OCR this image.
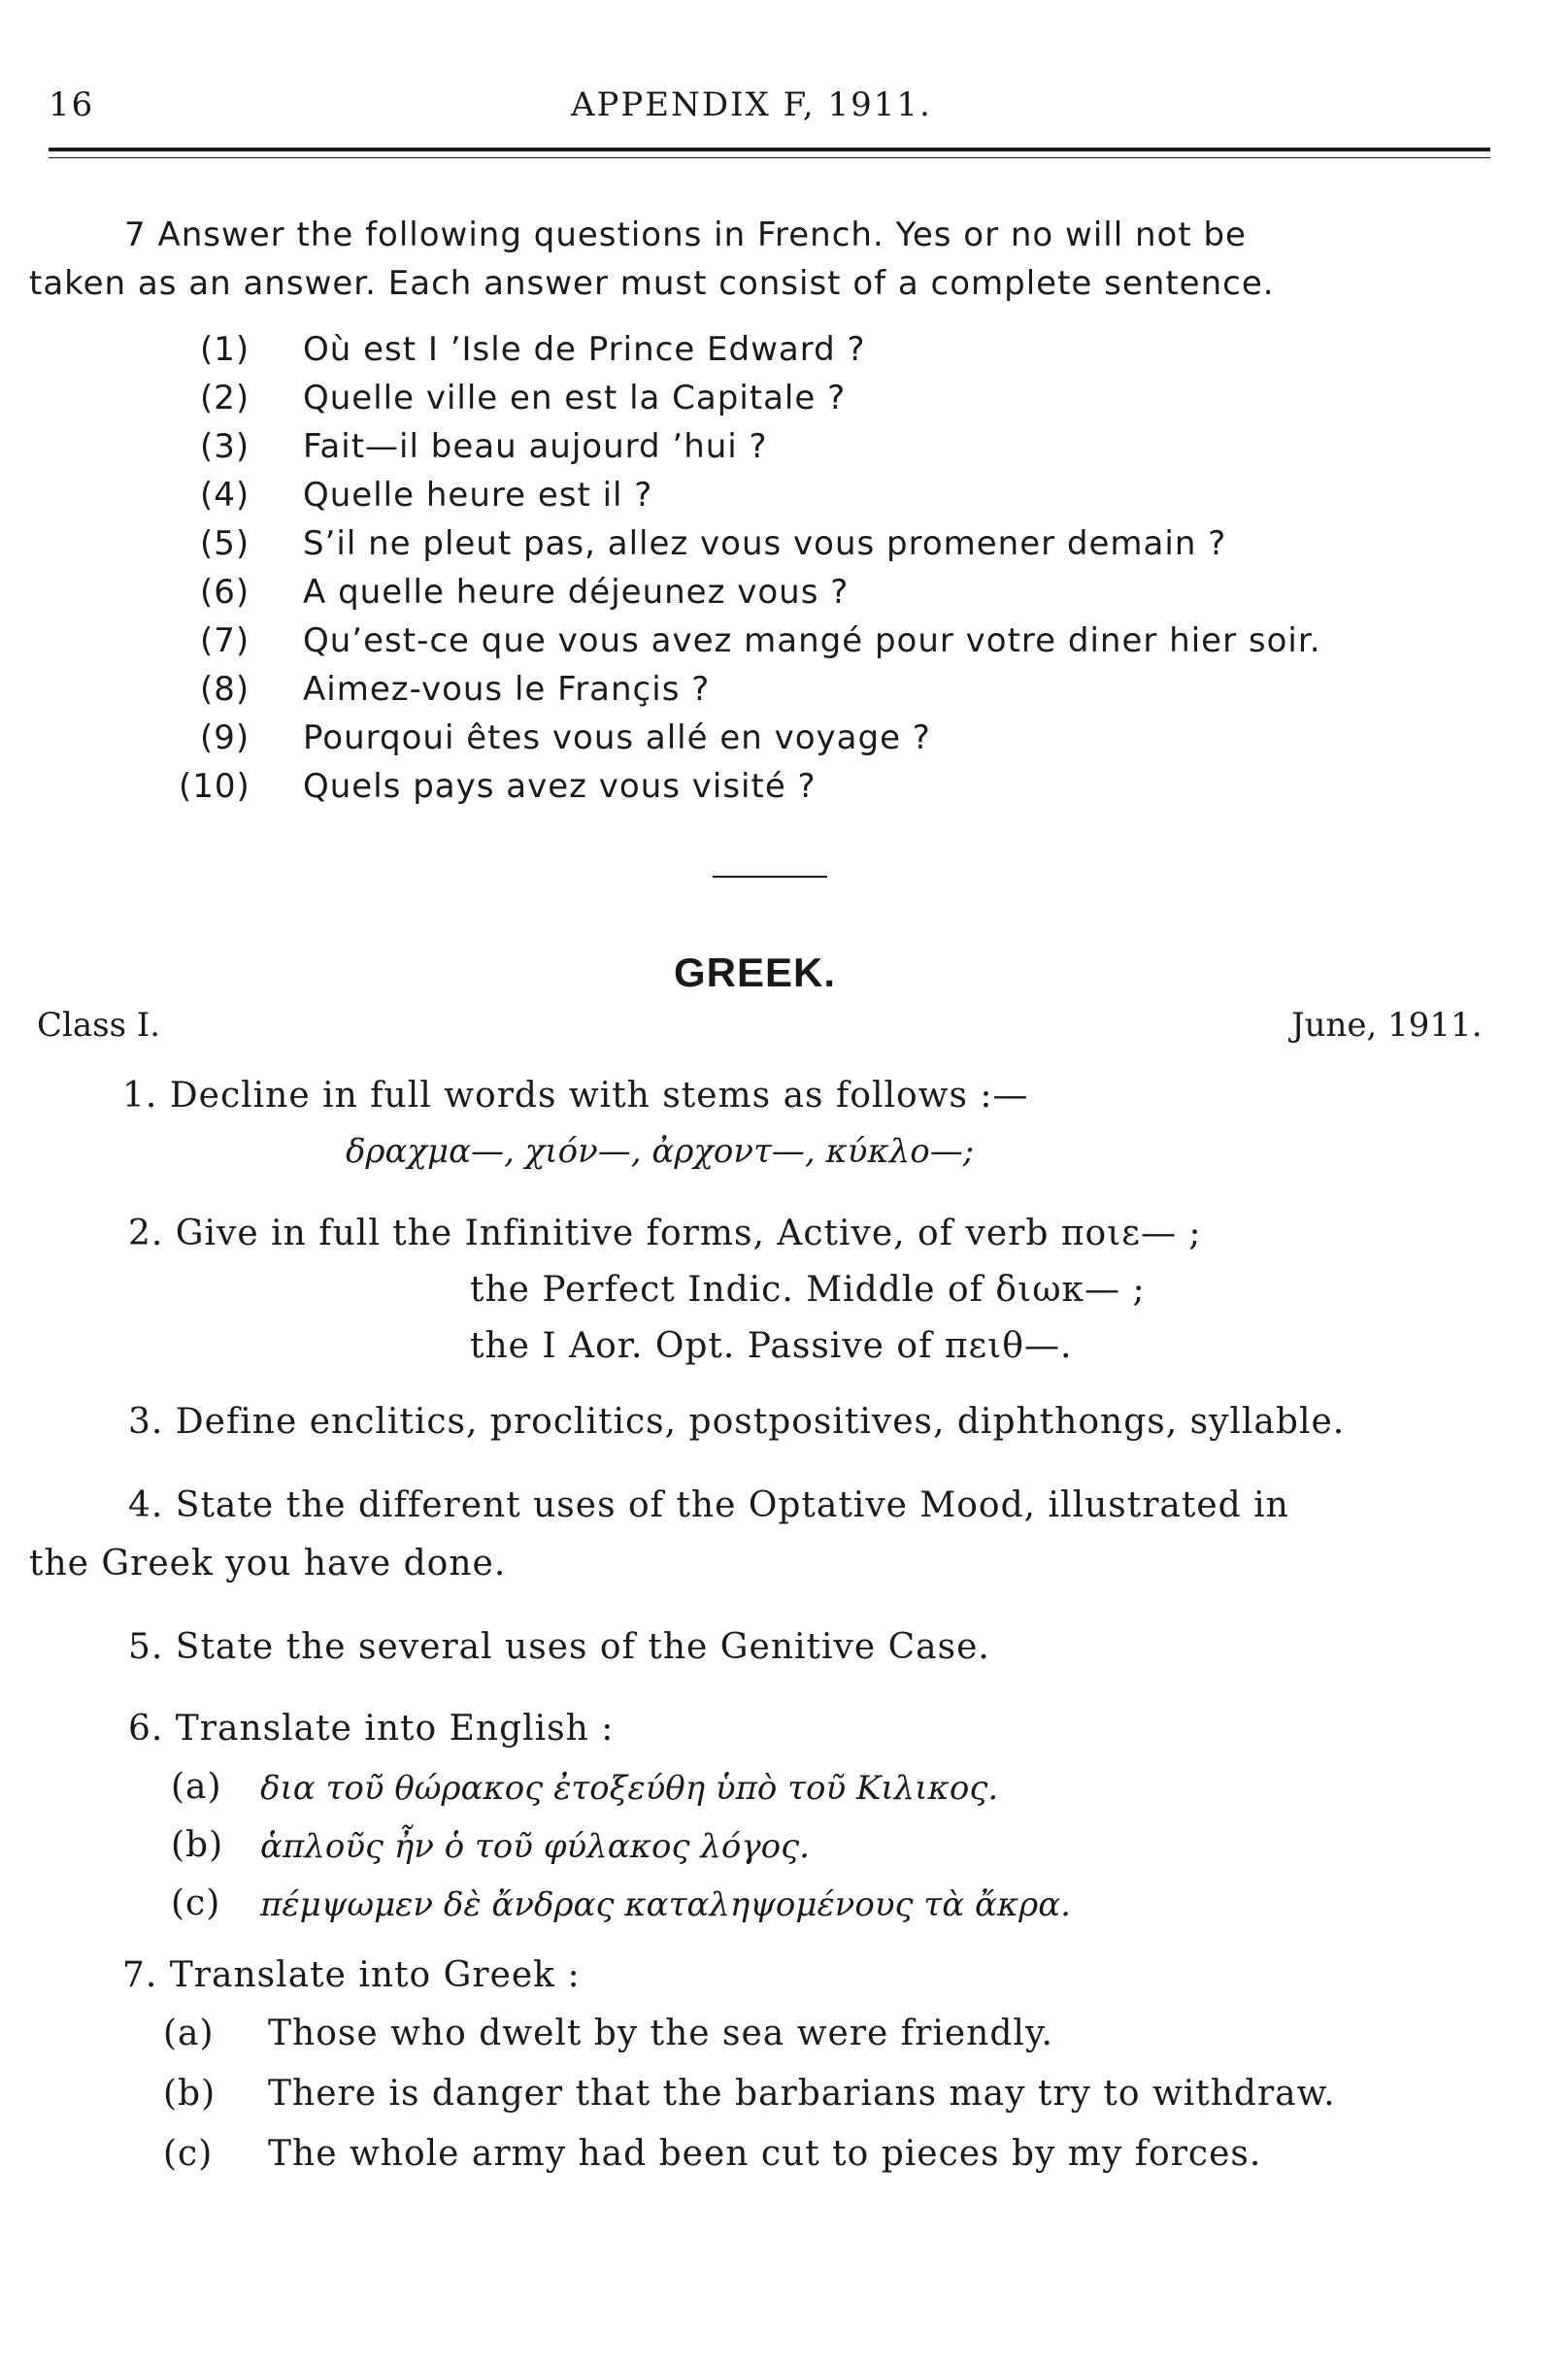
16	APPENDIX F, 1911.
7 Answer the following questions in French. Yes or no will not be
taken as an answer. Each answer must consist of a complete sentence.
(1) Où est I ’Isle de Prince Edward ?
(2) Quelle ville en est la Capitale ?
(3) Fait—il beau aujourd ’hui ?
(4) Quelle heure est il ?
(5) S’il ne pleut pas, allez vous vous promener demain ?
(6) A quelle heure déjeunez vous ?
(7) Qu’est-ce que vous avez mangé pour votre diner hier soir.
(8) Aimez-vous le Françis ?
(9) Pourqoui êtes vous allé en voyage ?
(10) Quels pays avez vous visité ?
GREEK.
Class I.	June, 1911.
1. Decline in full words with stems as follows :—
δραχμα—, χιόν—, ἀρχοντ—, κύκλο—;
2. Give in full the Infinitive forms, Active, of verb ποιε— ;
the Perfect Indic. Middle of διωκ— ;
the I Aor. Opt. Passive of πειθ—.
3. Define enclitics, proclitics, postpositives, diphthongs, syllable.
4. State the different uses of the Optative Mood, illustrated in
the Greek you have done.
5. State the several uses of the Genitive Case.
6. Translate into English :
(a) δια τοῦ θώρακος ἐτοξεύθη ὑπὸ τοῦ Κιλικος.
(b) ἁπλοῦς ἦν ὁ τοῦ φύλακος λόγος.
(c) πέμψωμεν δὲ ἄνδρας καταληψομένους τὰ ἄκρα.
7. Translate into Greek :
(a) Those who dwelt by the sea were friendly.
(b) There is danger that the barbarians may try to withdraw.
(c) The whole army had been cut to pieces by my forces.
